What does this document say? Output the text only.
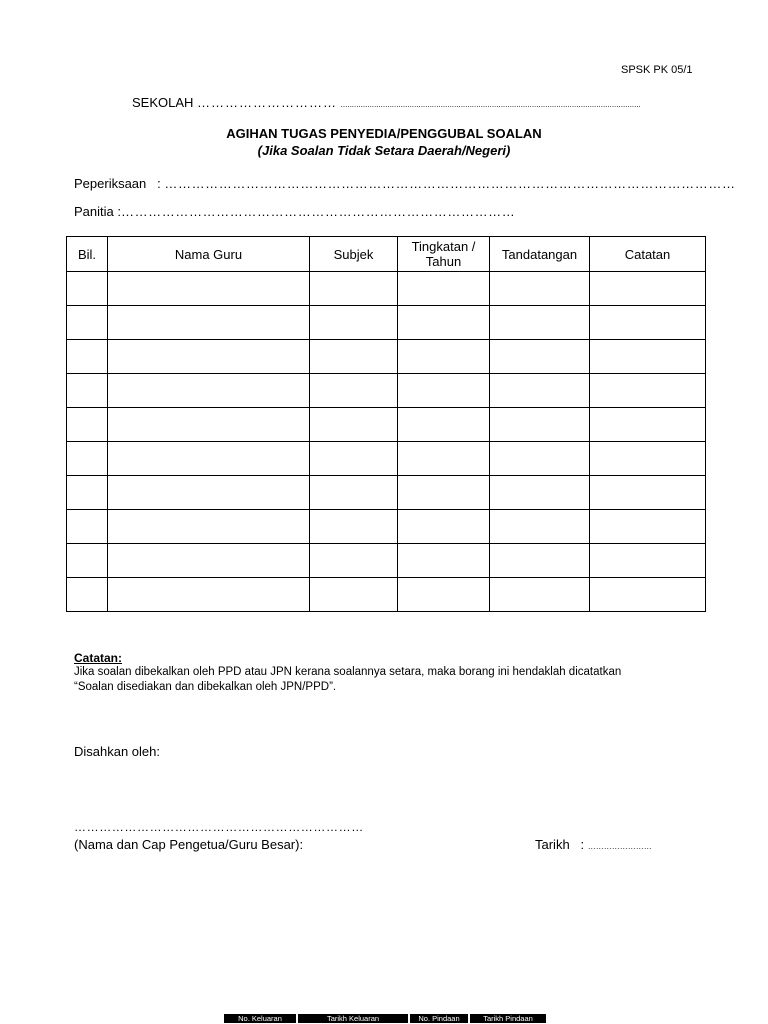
SPSK PK 05/1
SEKOLAH ………………………… .......................................................................................................................................
AGIHAN TUGAS PENYEDIA/PENGGUBAL SOALAN
(Jika Soalan Tidak Setara Daerah/Negeri)
Peperiksaan : ………………………………………………………………………………………………………………
Panitia :……………………………………………………………………………
Bil.	Nama Guru	Subjek	Tingkatan / Tahun	Tandatangan	Catatan

Catatan:
Jika soalan dibekalkan oleh PPD atau JPN kerana soalannya setara, maka borang ini hendaklah dicatatkan
“Soalan disediakan dan dibekalkan oleh JPN/PPD”.
Disahkan oleh:
……………………………………………………………
(Nama dan Cap Pengetua/Guru Besar):	Tarikh : ……………………
No. Keluaran	Tarikh Keluaran	No. Pindaan	Tarikh Pindaan
